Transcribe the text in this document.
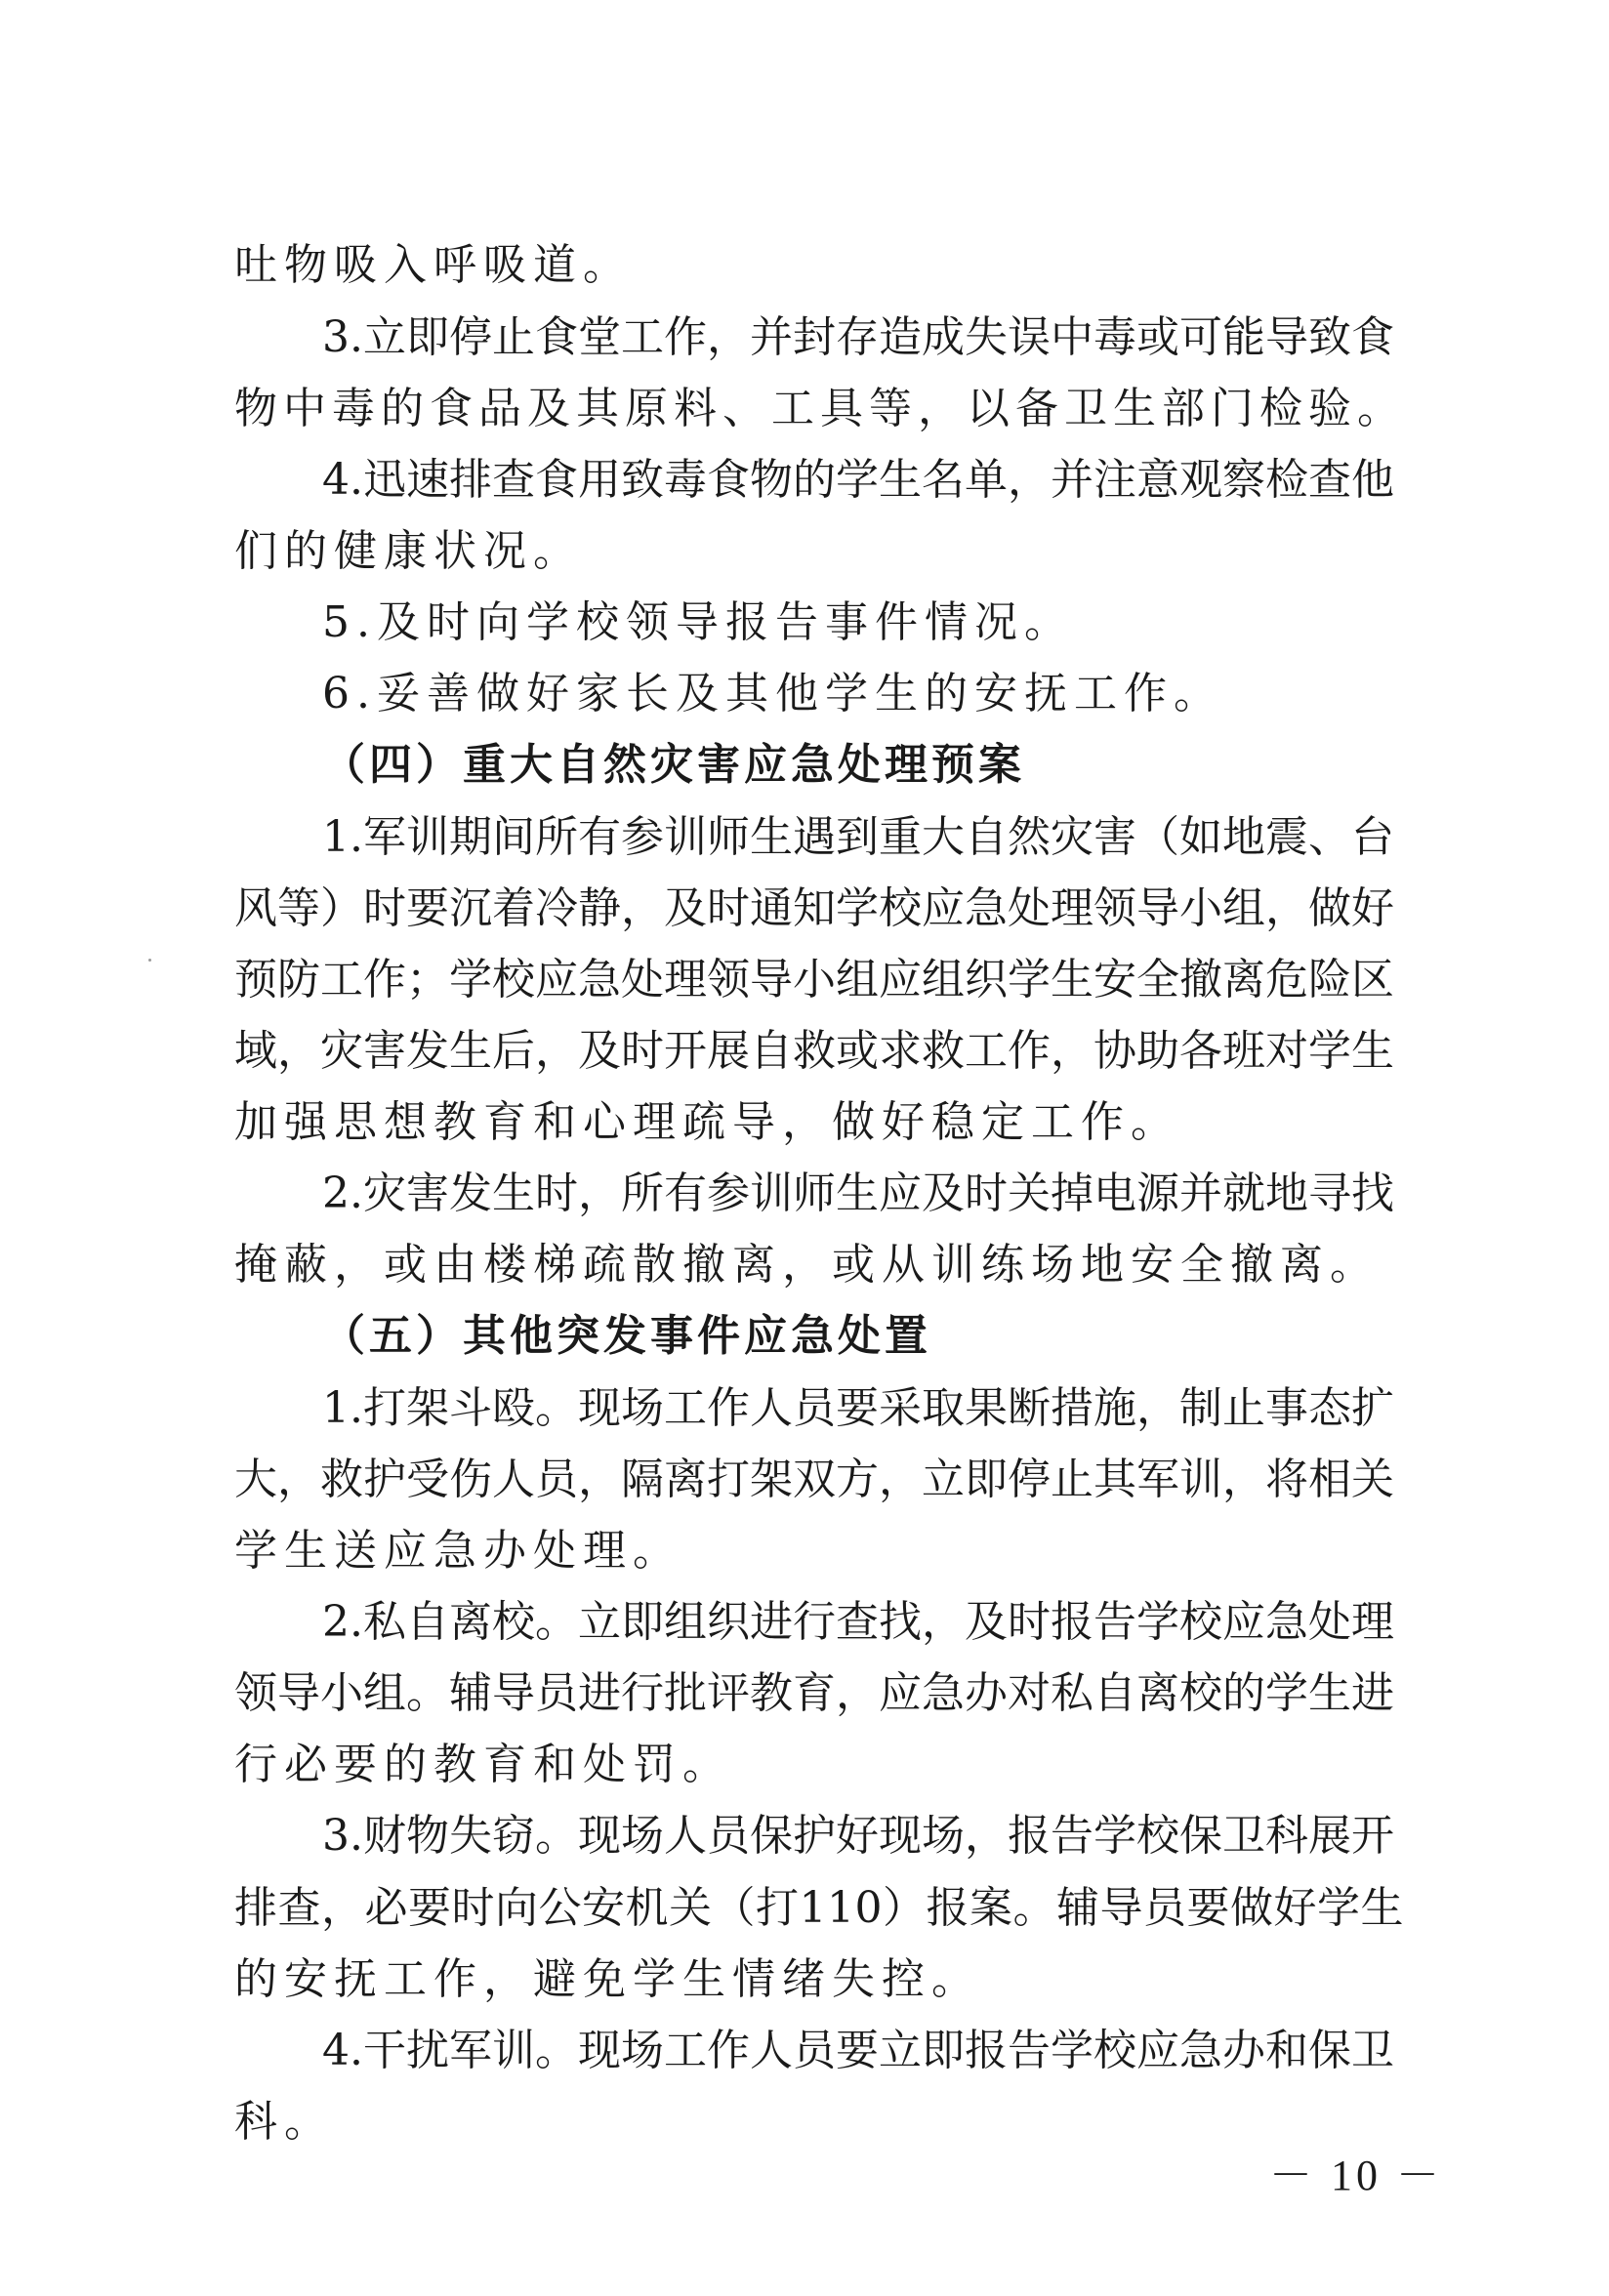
吐物吸入呼吸道。
3.立即停止食堂工作，并封存造成失误中毒或可能导致食
物中毒的食品及其原料、工具等，以备卫生部门检验。
4.迅速排查食用致毒食物的学生名单，并注意观察检查他
们的健康状况。
5.及时向学校领导报告事件情况。
6.妥善做好家长及其他学生的安抚工作。
（四）重大自然灾害应急处理预案
1.军训期间所有参训师生遇到重大自然灾害（如地震、台
风等）时要沉着冷静，及时通知学校应急处理领导小组，做好
预防工作；学校应急处理领导小组应组织学生安全撤离危险区
域，灾害发生后，及时开展自救或求救工作，协助各班对学生
加强思想教育和心理疏导，做好稳定工作。
2.灾害发生时，所有参训师生应及时关掉电源并就地寻找
掩蔽，或由楼梯疏散撤离，或从训练场地安全撤离。
（五）其他突发事件应急处置
1.打架斗殴。现场工作人员要采取果断措施，制止事态扩
大，救护受伤人员，隔离打架双方，立即停止其军训，将相关
学生送应急办处理。
2.私自离校。立即组织进行查找，及时报告学校应急处理
领导小组。辅导员进行批评教育，应急办对私自离校的学生进
行必要的教育和处罚。
3.财物失窃。现场人员保护好现场，报告学校保卫科展开
排查，必要时向公安机关（打110）报案。辅导员要做好学生
的安抚工作，避免学生情绪失控。
4.干扰军训。现场工作人员要立即报告学校应急办和保卫
科。
－ 10 －
